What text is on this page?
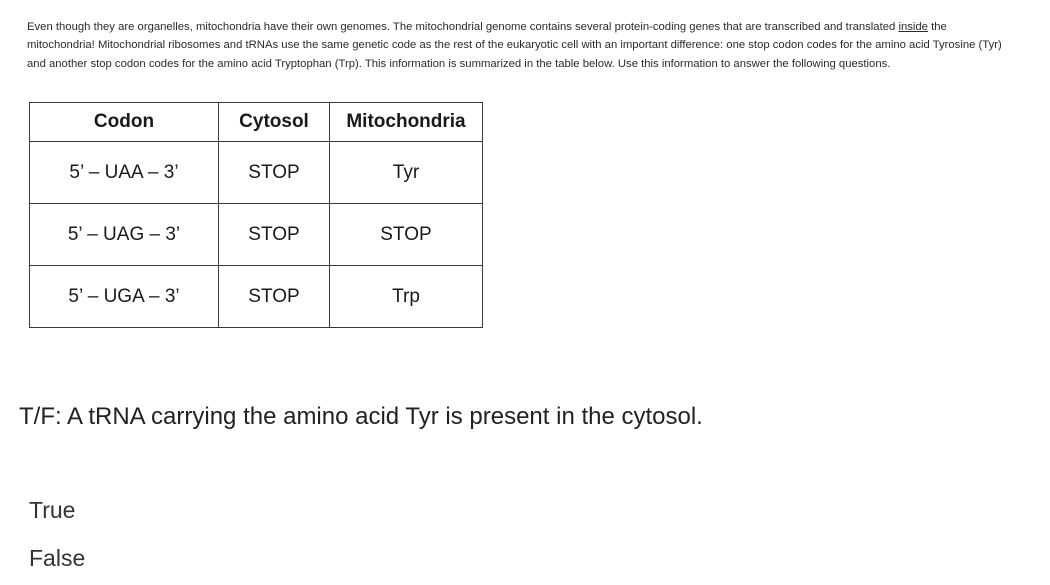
Even though they are organelles, mitochondria have their own genomes. The mitochondrial genome contains several protein-coding genes that are transcribed and translated inside the mitochondria! Mitochondrial ribosomes and tRNAs use the same genetic code as the rest of the eukaryotic cell with an important difference: one stop codon codes for the amino acid Tyrosine (Tyr) and another stop codon codes for the amino acid Tryptophan (Trp). This information is summarized in the table below. Use this information to answer the following questions.
Codon	Cytosol	Mitochondria
5’ – UAA – 3’	STOP	Tyr
5’ – UAG – 3’	STOP	STOP
5’ – UGA – 3’	STOP	Trp
T/F: A tRNA carrying the amino acid Tyr is present in the cytosol.
True
False
